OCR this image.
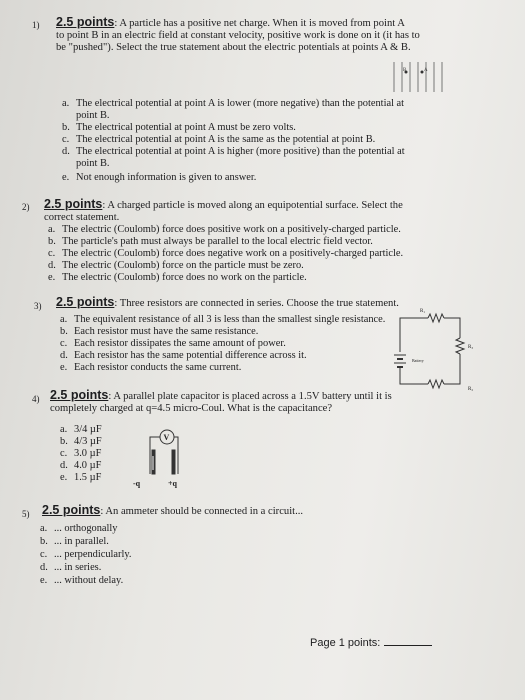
1) 2.5 points: A particle has a positive net charge. When it is moved from point A
to point B in an electric field at constant velocity, positive work is done on it (it has to
be "pushed"). Select the true statement about the electric potentials at points A & B.
B	A
a. The electrical potential at point A is lower (more negative) than the potential at
point B.
b. The electrical potential at point A must be zero volts.
c. The electrical potential at point A is the same as the potential at point B.
d. The electrical potential at point A is higher (more positive) than the potential at
point B.
e. Not enough information is given to answer.
2) 2.5 points: A charged particle is moved along an equipotential surface. Select the
correct statement.
a. The electric (Coulomb) force does positive work on a positively-charged particle.
b. The particle's path must always be parallel to the local electric field vector.
c. The electric (Coulomb) force does negative work on a positively-charged particle.
d. The electric (Coulomb) force on the particle must be zero.
e. The electric (Coulomb) force does no work on the particle.
3) 2.5 points: Three resistors are connected in series. Choose the true statement.
a. The equivalent resistance of all 3 is less than the smallest single resistance.
b. Each resistor must have the same resistance.
c. Each resistor dissipates the same amount of power.
d. Each resistor has the same potential difference across it.
e. Each resistor conducts the same current.
R₁
R₃
R₂
Battery
4) 2.5 points: A parallel plate capacitor is placed across a 1.5V battery until it is
completely charged at q=4.5 micro-Coul. What is the capacitance?
a. 3/4 µF
b. 4/3 µF
c. 3.0 µF
d. 4.0 µF
e. 1.5 µF
V
-q	+q
5) 2.5 points: An ammeter should be connected in a circuit...
a. ... orthogonally
b. ... in parallel.
c. ... perpendicularly.
d. ... in series.
e. ... without delay.
Page 1 points:
